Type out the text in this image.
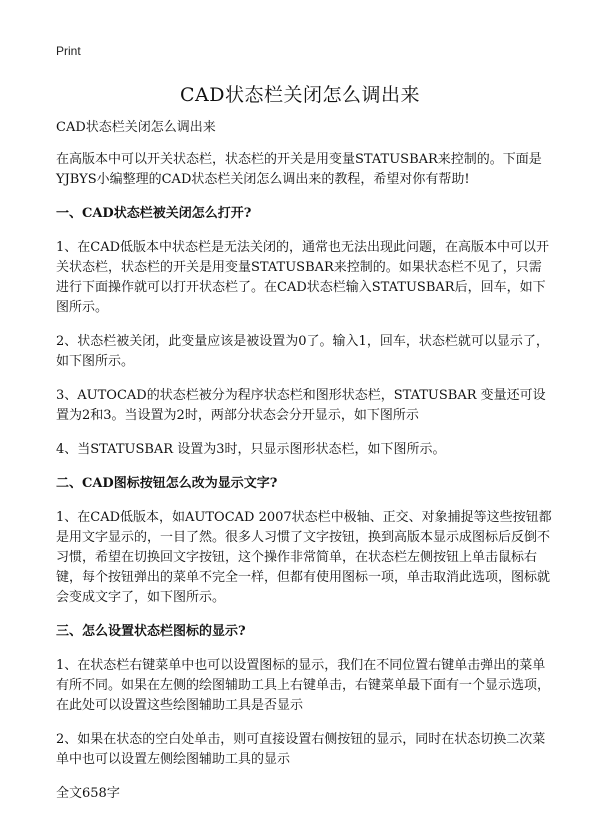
Print
CAD状态栏关闭怎么调出来

CAD状态栏关闭怎么调出来

在高版本中可以开关状态栏，状态栏的开关是用变量STATUSBAR来控制的。下面是YJBYS小编整理的CAD状态栏关闭怎么调出来的教程，希望对你有帮助!

一、CAD状态栏被关闭怎么打开?

1、在CAD低版本中状态栏是无法关闭的，通常也无法出现此问题，在高版本中可以开关状态栏，状态栏的开关是用变量STATUSBAR来控制的。如果状态栏不见了，只需进行下面操作就可以打开状态栏了。在CAD状态栏输入STATUSBAR后，回车，如下图所示。

2、状态栏被关闭，此变量应该是被设置为0了。输入1，回车，状态栏就可以显示了，如下图所示。

3、AUTOCAD的状态栏被分为程序状态栏和图形状态栏，STATUSBAR 变量还可设置为2和3。当设置为2时，两部分状态会分开显示，如下图所示

4、当STATUSBAR 设置为3时，只显示图形状态栏，如下图所示。

二、CAD图标按钮怎么改为显示文字?

1、在CAD低版本，如AUTOCAD 2007状态栏中极轴、正交、对象捕捉等这些按钮都是用文字显示的，一目了然。很多人习惯了文字按钮，换到高版本显示成图标后反倒不习惯，希望在切换回文字按钮，这个操作非常简单，在状态栏左侧按钮上单击鼠标右键，每个按钮弹出的菜单不完全一样，但都有使用图标一项，单击取消此选项，图标就会变成文字了，如下图所示。

三、怎么设置状态栏图标的显示?

1、在状态栏右键菜单中也可以设置图标的显示，我们在不同位置右键单击弹出的菜单有所不同。如果在左侧的绘图辅助工具上右键单击，右键菜单最下面有一个显示选项，在此处可以设置这些绘图辅助工具是否显示

2、如果在状态的空白处单击，则可直接设置右侧按钮的显示，同时在状态切换二次菜单中也可以设置左侧绘图辅助工具的显示

全文658字
